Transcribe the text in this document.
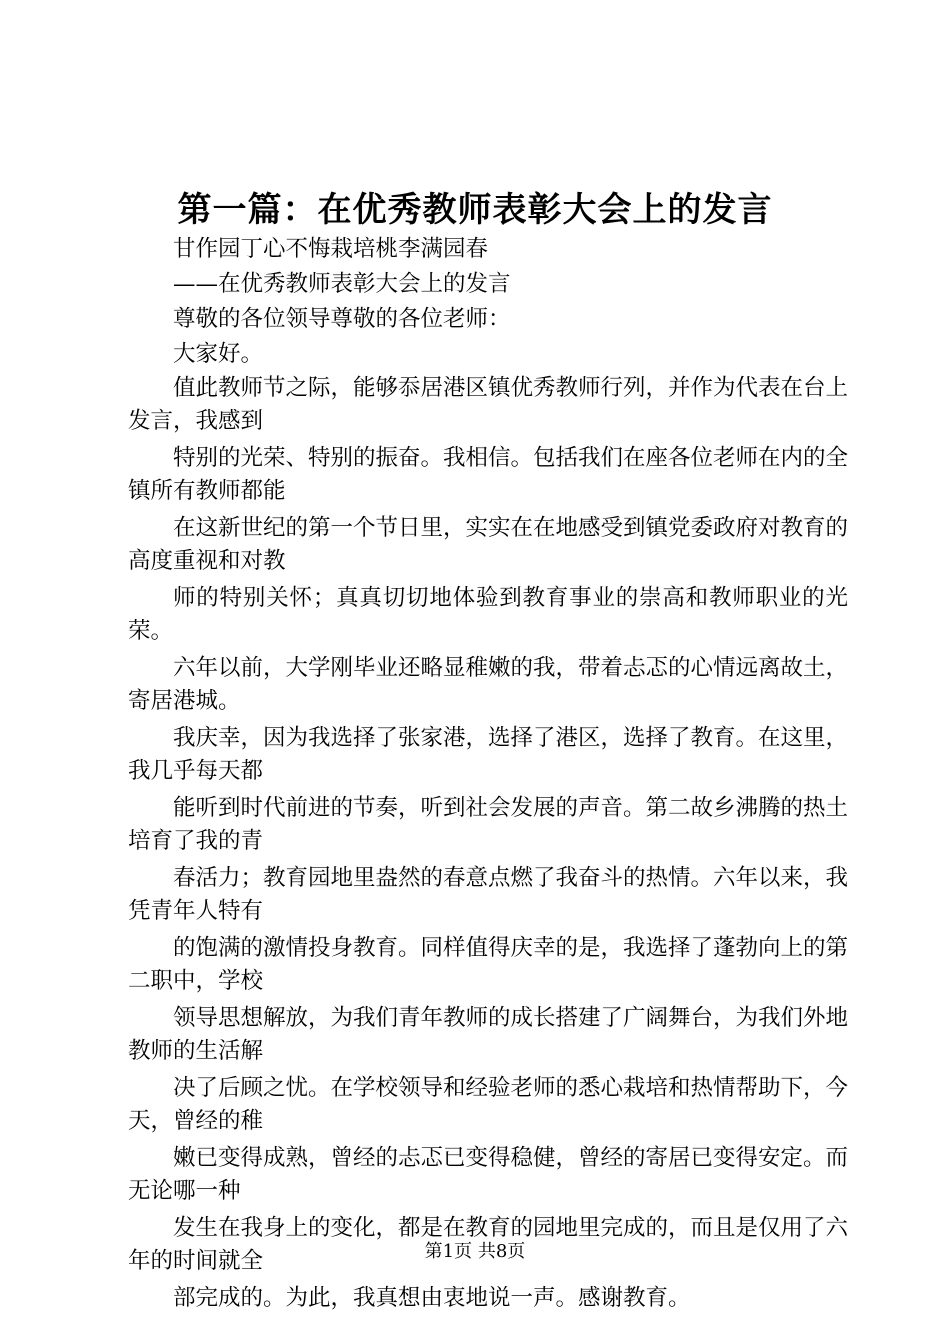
第一篇：在优秀教师表彰大会上的发言

甘作园丁心不悔栽培桃李满园春

——在优秀教师表彰大会上的发言

尊敬的各位领导尊敬的各位老师：

大家好。

值此教师节之际，能够忝居港区镇优秀教师行列，并作为代表在台上发言，我感到

特别的光荣、特别的振奋。我相信。包括我们在座各位老师在内的全镇所有教师都能

在这新世纪的第一个节日里，实实在在地感受到镇党委政府对教育的高度重视和对教

师的特别关怀；真真切切地体验到教育事业的崇高和教师职业的光荣。

六年以前，大学刚毕业还略显稚嫩的我，带着忐忑的心情远离故土，寄居港城。

我庆幸，因为我选择了张家港，选择了港区，选择了教育。在这里，我几乎每天都

能听到时代前进的节奏，听到社会发展的声音。第二故乡沸腾的热土培育了我的青

春活力；教育园地里盎然的春意点燃了我奋斗的热情。六年以来，我凭青年人特有

的饱满的激情投身教育。同样值得庆幸的是，我选择了蓬勃向上的第二职中，学校

领导思想解放，为我们青年教师的成长搭建了广阔舞台，为我们外地教师的生活解

决了后顾之忧。在学校领导和经验老师的悉心栽培和热情帮助下，今天，曾经的稚

嫩已变得成熟，曾经的忐忑已变得稳健，曾经的寄居已变得安定。而无论哪一种

发生在我身上的变化，都是在教育的园地里完成的，而且是仅用了六年的时间就全

部完成的。为此，我真想由衷地说一声。感谢教育。

第1页 共8页
